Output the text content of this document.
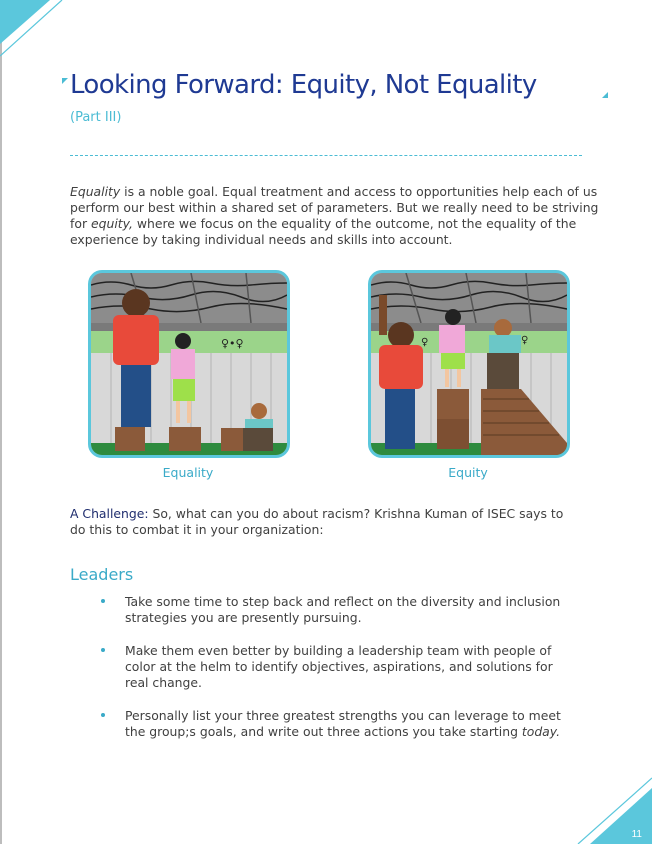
11
Looking Forward: Equity, Not Equality
(Part III)

Equality is a noble goal. Equal treatment and access to opportunities help each of us perform our best within a shared set of parameters. But we really need to be striving for equity, where we focus on the equality of the outcome, not the equality of the experience by taking individual needs and skills into account.

♀•♀
Equality
♀	♀
Equity

A Challenge: So, what can you do about racism? Krishna Kuman of ISEC says to do this to combat it in your organization:

Leaders
Take some time to step back and reflect on the diversity and inclusion strategies you are presently pursuing.
Make them even better by building a leadership team with people of color at the helm to identify objectives, aspirations, and solutions for real change.
Personally list your three greatest strengths you can leverage to meet the group;s goals, and write out three actions you take starting today.
